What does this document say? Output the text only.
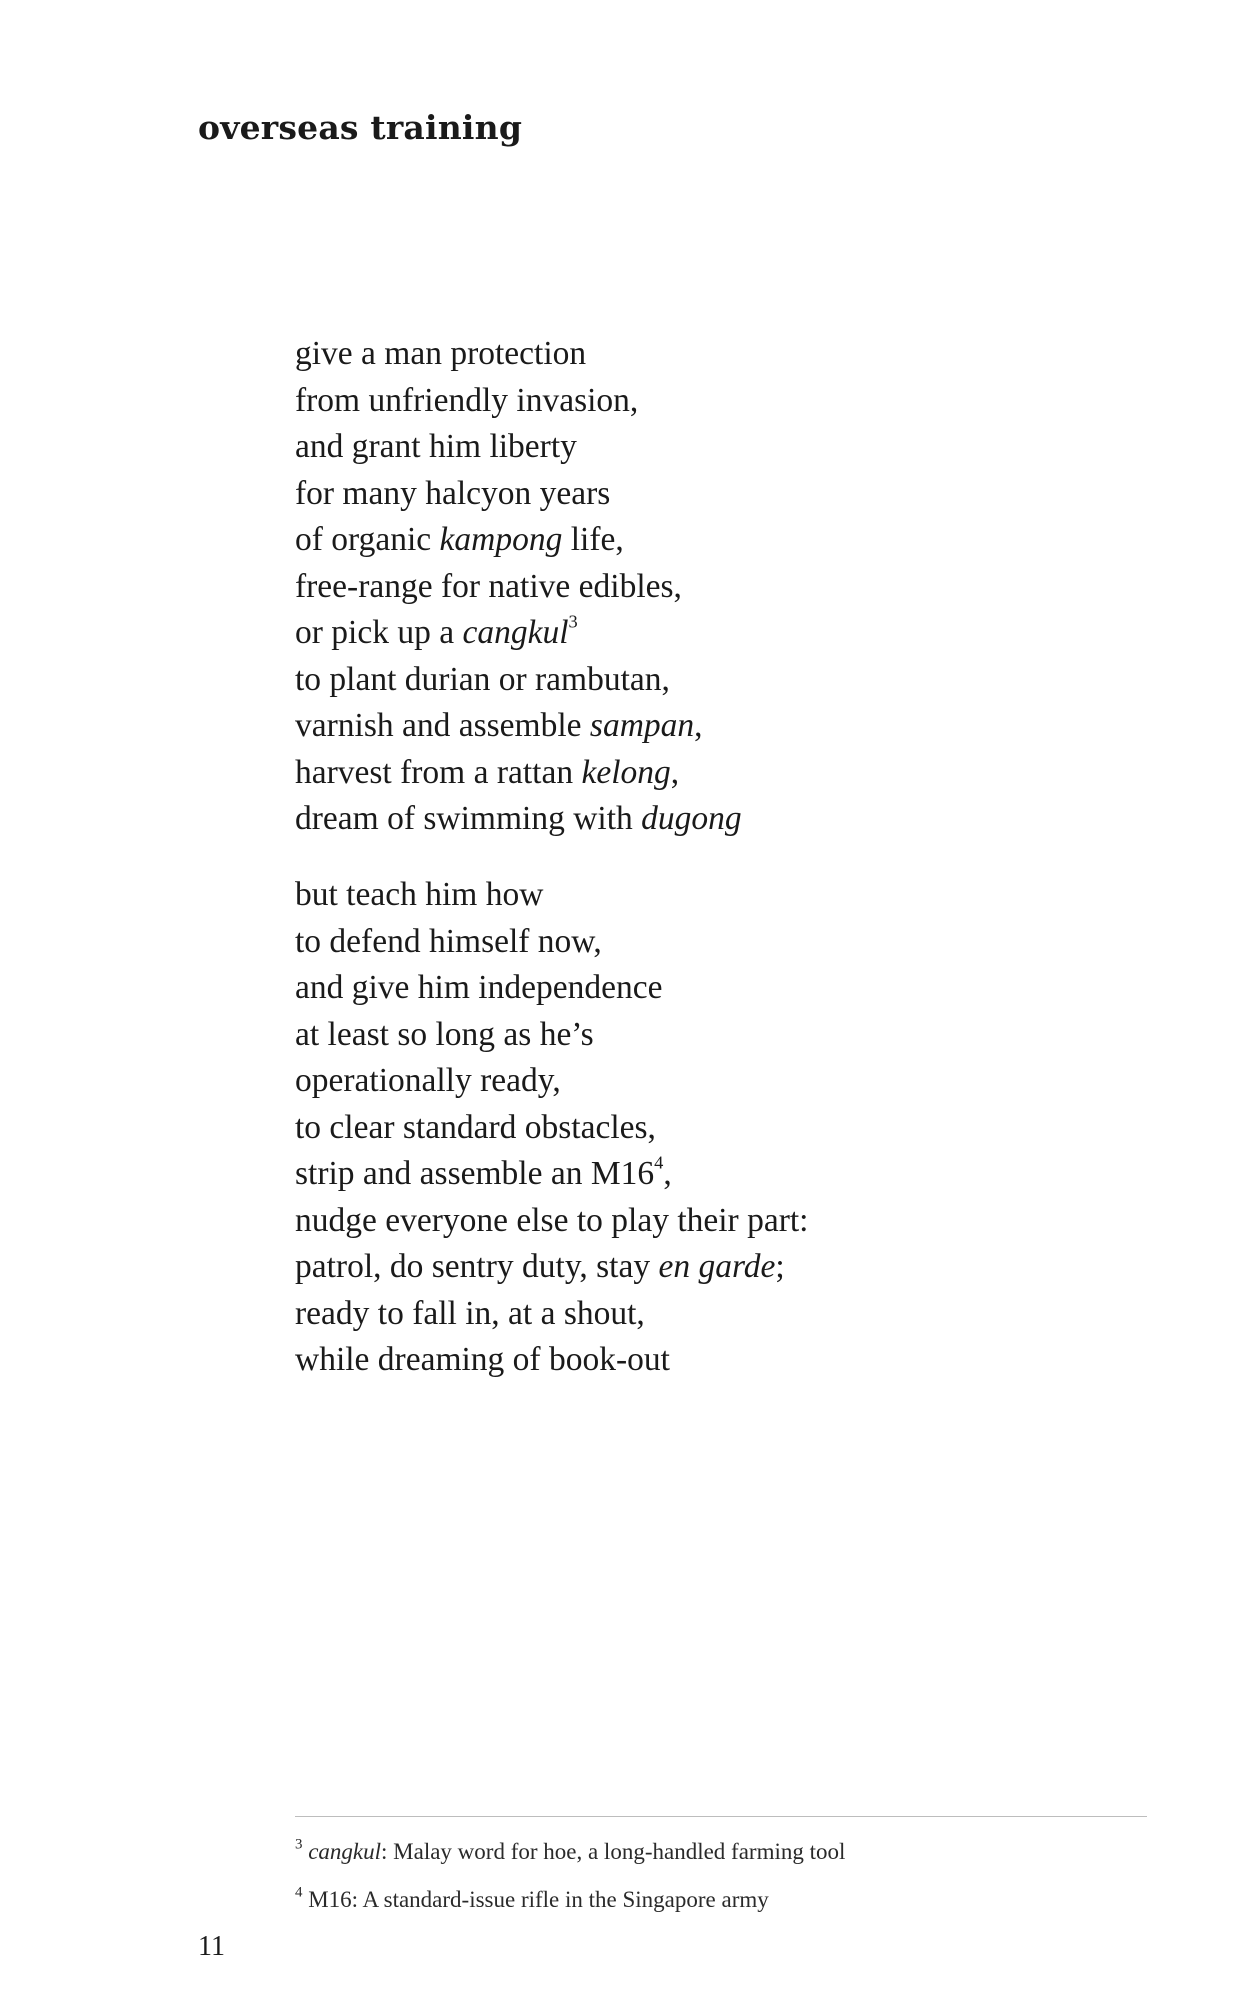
overseas training
give a man protection
from unfriendly invasion,
and grant him liberty
for many halcyon years
of organic kampong life,
free-range for native edibles,
or pick up a cangkul$^3$
to plant durian or rambutan,
varnish and assemble sampan,
harvest from a rattan kelong,
dream of swimming with dugong
but teach him how
to defend himself now,
and give him independence
at least so long as he’s
operationally ready,
to clear standard obstacles,
strip and assemble an $M16^4$,
nudge everyone else to play their part:
patrol, do sentry duty, stay en garde;
ready to fall in, at a shout,
while dreaming of book-out
$^3$ cangkul: Malay word for hoe, a long-handled farming tool
$^4$ M16: A standard-issue rifle in the Singapore army
11
